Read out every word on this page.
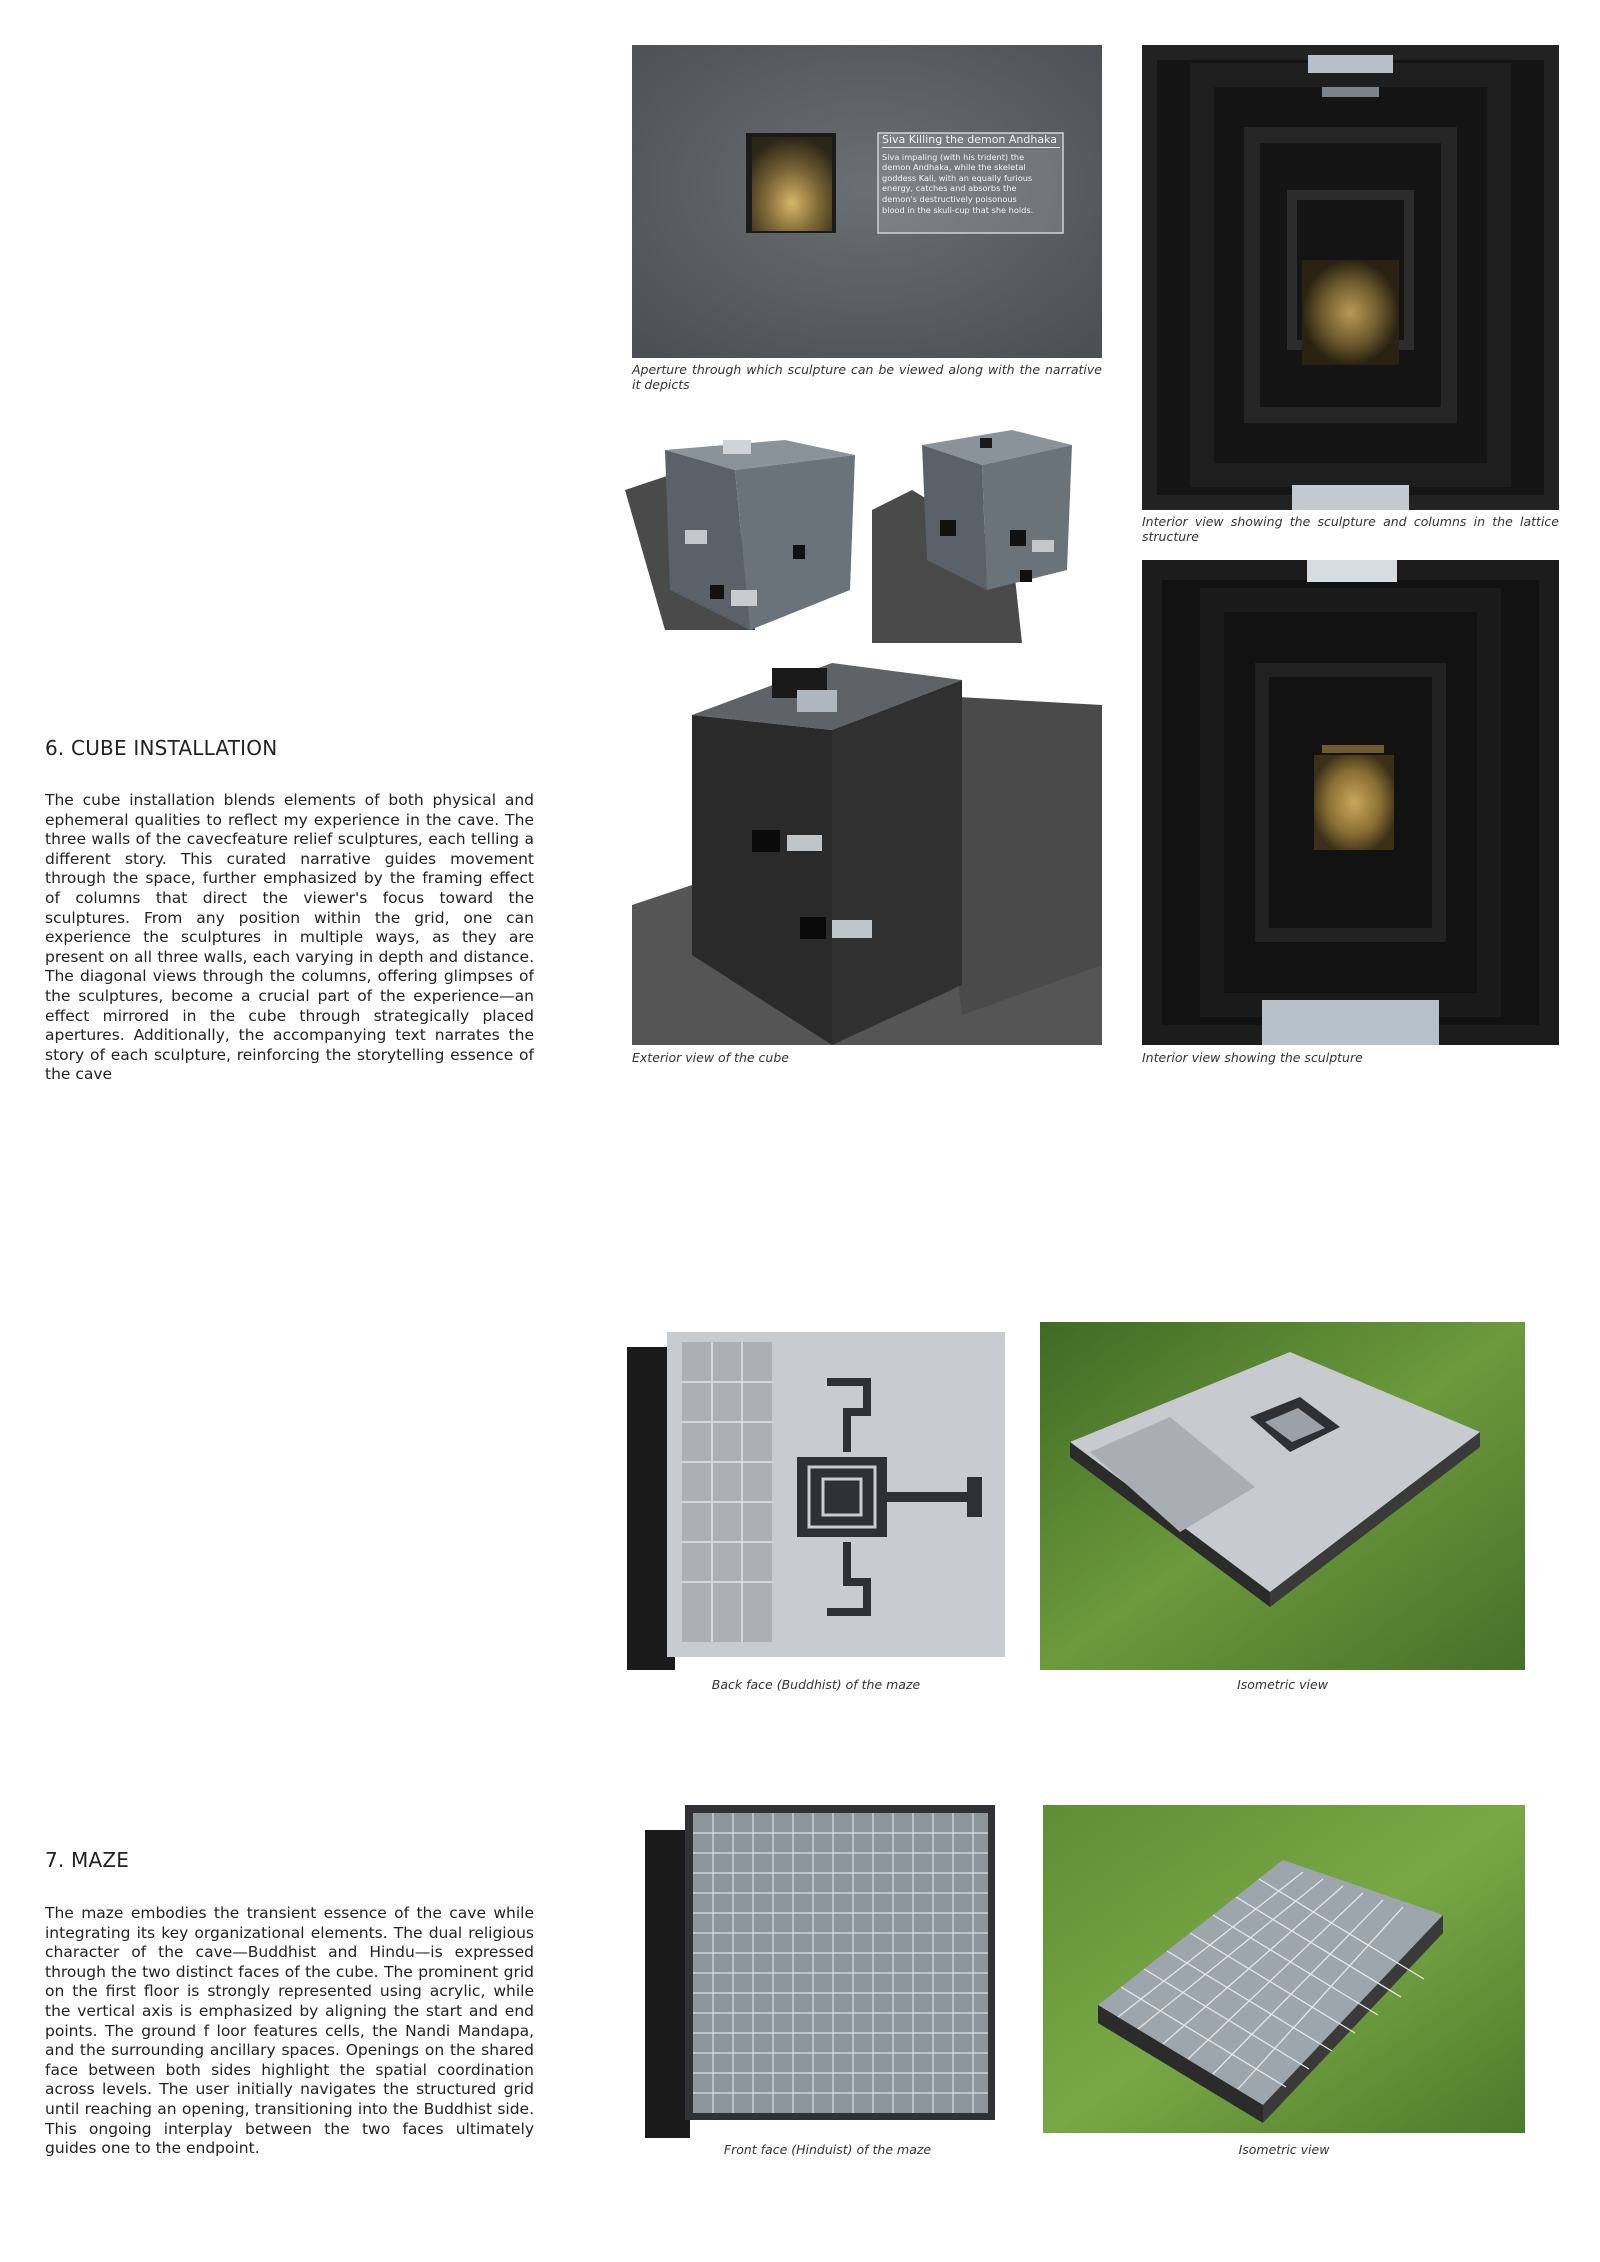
6. CUBE INSTALLATION

The cube installation blends elements of both physical and ephemeral qualities to reflect my experience in the cave. The three walls of the cavecfeature relief sculptures, each telling a different story. This curated narrative guides movement through the space, further emphasized by the framing effect of columns that direct the viewer's focus toward the sculptures. From any position within the grid, one can experience the sculptures in multiple ways, as they are present on all three walls, each varying in depth and distance. The diagonal views through the columns, offering glimpses of the sculptures, become a crucial part of the experience—an effect mirrored in the cube through strategically placed apertures. Additionally, the accompanying text narrates the story of each sculpture, reinforcing the storytelling essence of the cave

Siva Killing the demon Andhaka
Siva impaling (with his trident) the
demon Andhaka, while the skeletal
goddess Kali, with an equally furious
energy, catches and absorbs the
demon's destructively poisonous
blood in the skull-cup that she holds.
Aperture through which sculpture can be viewed along with the narrative it depicts
Interior view showing the sculpture and columns in the lattice structure
Exterior view of the cube	Interior view showing the sculpture
7. MAZE

The maze embodies the transient essence of the cave while integrating its key organizational elements. The dual religious character of the cave—Buddhist and Hindu—is expressed through the two distinct faces of the cube. The prominent grid on the first floor is strongly represented using acrylic, while the vertical axis is emphasized by aligning the start and end points. The ground f loor features cells, the Nandi Mandapa, and the surrounding ancillary spaces. Openings on the shared face between both sides highlight the spatial coordination across levels. The user initially navigates the structured grid until reaching an opening, transitioning into the Buddhist side. This ongoing interplay between the two faces ultimately guides one to the endpoint.

Back face (Buddhist) of the maze	Isometric view
Front face (Hinduist) of the maze	Isometric view
